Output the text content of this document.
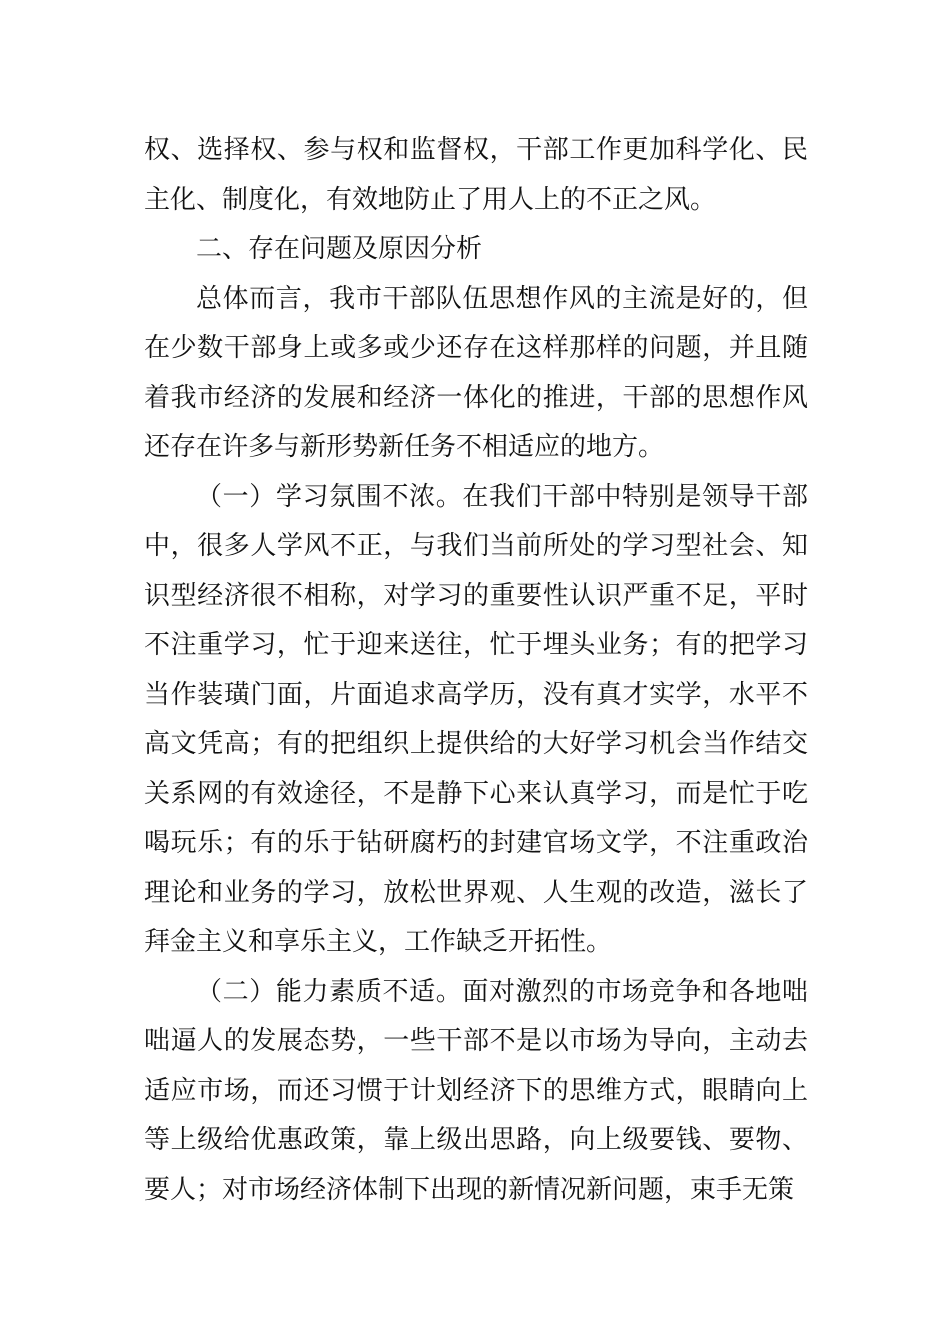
权、选择权、参与权和监督权，干部工作更加科学化、民主化、制度化，有效地防止了用人上的不正之风。

二、存在问题及原因分析

总体而言，我市干部队伍思想作风的主流是好的，但在少数干部身上或多或少还存在这样那样的问题，并且随着我市经济的发展和经济一体化的推进，干部的思想作风还存在许多与新形势新任务不相适应的地方。

（一）学习氛围不浓。在我们干部中特别是领导干部中，很多人学风不正，与我们当前所处的学习型社会、知识型经济很不相称，对学习的重要性认识严重不足，平时不注重学习，忙于迎来送往，忙于埋头业务；有的把学习当作装璜门面，片面追求高学历，没有真才实学，水平不高文凭高；有的把组织上提供给的大好学习机会当作结交关系网的有效途径，不是静下心来认真学习，而是忙于吃喝玩乐；有的乐于钻研腐朽的封建官场文学，不注重政治理论和业务的学习，放松世界观、人生观的改造，滋长了拜金主义和享乐主义，工作缺乏开拓性。

（二）能力素质不适。面对激烈的市场竞争和各地咄咄逼人的发展态势，一些干部不是以市场为导向，主动去适应市场，而还习惯于计划经济下的思维方式，眼睛向上等上级给优惠政策，靠上级出思路，向上级要钱、要物、要人；对市场经济体制下出现的新情况新问题，束手无策
